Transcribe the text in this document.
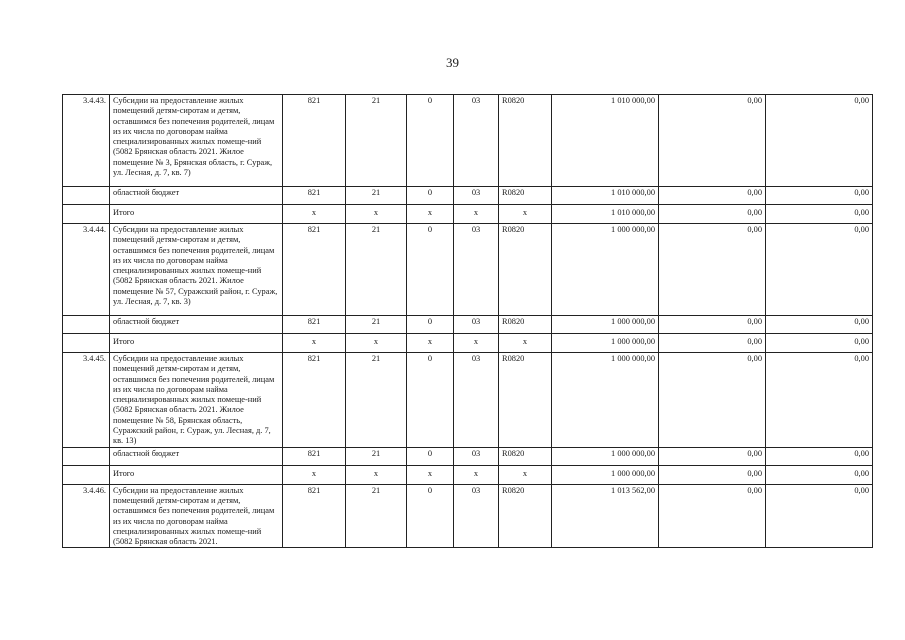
39
3.4.43.	Субсидии на предоставление жилых помещений детям-сиротам и детям, оставшимся без попечения родителей, лицам из их числа по договорам найма специализированных жилых помеще-ний (5082 Брянская область 2021. Жилое помещение № 3, Брянская область, г. Сураж, ул. Лесная, д. 7, кв. 7)	821	21	0	03	R0820	1 010 000,00	0,00	0,00
	областной бюджет	821	21	0	03	R0820	1 010 000,00	0,00	0,00
	Итого	х	х	х	х	х	1 010 000,00	0,00	0,00
3.4.44.	Субсидии на предоставление жилых помещений детям-сиротам и детям, оставшимся без попечения родителей, лицам из их числа по договорам найма специализированных жилых помеще-ний (5082 Брянская область 2021. Жилое помещение № 57, Суражский район, г. Сураж, ул. Лесная, д. 7, кв. 3)	821	21	0	03	R0820	1 000 000,00	0,00	0,00
	областной бюджет	821	21	0	03	R0820	1 000 000,00	0,00	0,00
	Итого	х	х	х	х	х	1 000 000,00	0,00	0,00
3.4.45.	Субсидии на предоставление жилых помещений детям-сиротам и детям, оставшимся без попечения родителей, лицам из их числа по договорам найма специализированных жилых помеще-ний (5082 Брянская область 2021. Жилое помещение № 58, Брянская область, Суражский район, г. Сураж, ул. Лесная, д. 7, кв. 13)	821	21	0	03	R0820	1 000 000,00	0,00	0,00
	областной бюджет	821	21	0	03	R0820	1 000 000,00	0,00	0,00
	Итого	х	х	х	х	х	1 000 000,00	0,00	0,00
3.4.46.	Субсидии на предоставление жилых помещений детям-сиротам и детям, оставшимся без попечения родителей, лицам из их числа по договорам найма специализированных жилых помеще-ний (5082 Брянская область 2021.	821	21	0	03	R0820	1 013 562,00	0,00	0,00
